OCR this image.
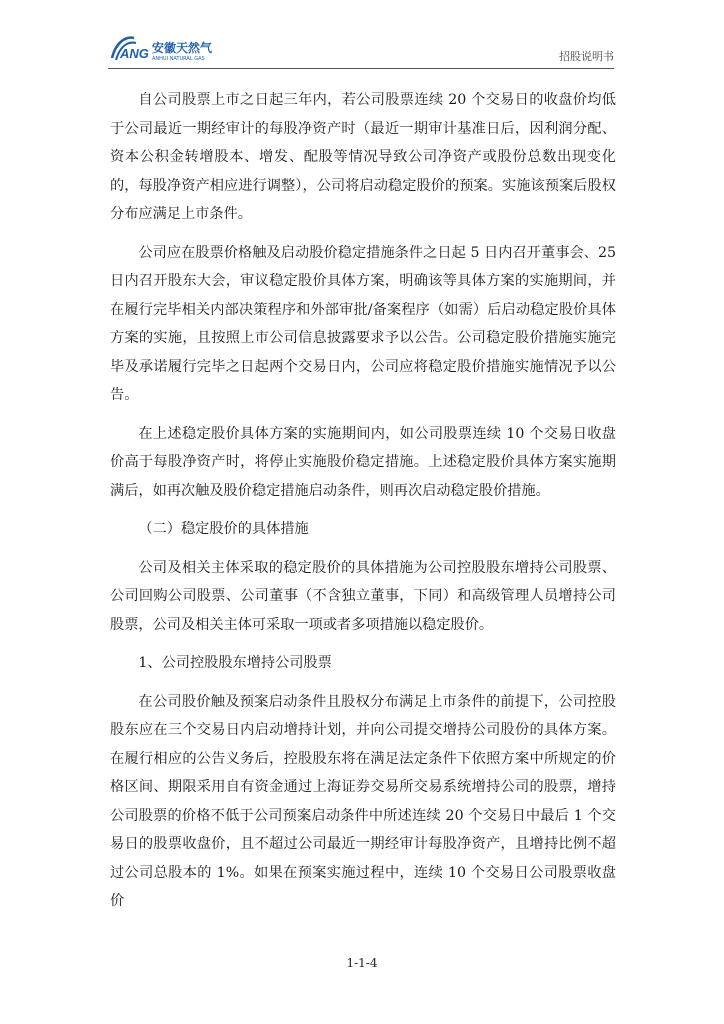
ANG 安徽天然气
ANHUI NATURAL GAS	招股说明书

自公司股票上市之日起三年内，若公司股票连续 20 个交易日的收盘价均低于公司最近一期经审计的每股净资产时（最近一期审计基准日后，因利润分配、资本公积金转增股本、增发、配股等情况导致公司净资产或股份总数出现变化的，每股净资产相应进行调整），公司将启动稳定股价的预案。实施该预案后股权分布应满足上市条件。

公司应在股票价格触及启动股价稳定措施条件之日起 5 日内召开董事会、25 日内召开股东大会，审议稳定股价具体方案，明确该等具体方案的实施期间，并在履行完毕相关内部决策程序和外部审批/备案程序（如需）后启动稳定股价具体方案的实施，且按照上市公司信息披露要求予以公告。公司稳定股价措施实施完毕及承诺履行完毕之日起两个交易日内，公司应将稳定股价措施实施情况予以公告。

在上述稳定股价具体方案的实施期间内，如公司股票连续 10 个交易日收盘价高于每股净资产时，将停止实施股价稳定措施。上述稳定股价具体方案实施期满后，如再次触及股价稳定措施启动条件，则再次启动稳定股价措施。

（二）稳定股价的具体措施

公司及相关主体采取的稳定股价的具体措施为公司控股股东增持公司股票、公司回购公司股票、公司董事（不含独立董事，下同）和高级管理人员增持公司股票，公司及相关主体可采取一项或者多项措施以稳定股价。

1、公司控股股东增持公司股票

在公司股价触及预案启动条件且股权分布满足上市条件的前提下，公司控股股东应在三个交易日内启动增持计划，并向公司提交增持公司股份的具体方案。在履行相应的公告义务后，控股股东将在满足法定条件下依照方案中所规定的价格区间、期限采用自有资金通过上海证券交易所交易系统增持公司的股票，增持公司股票的价格不低于公司预案启动条件中所述连续 20 个交易日中最后 1 个交易日的股票收盘价，且不超过公司最近一期经审计每股净资产，且增持比例不超过公司总股本的 1%。如果在预案实施过程中，连续 10 个交易日公司股票收盘价

1-1-4
